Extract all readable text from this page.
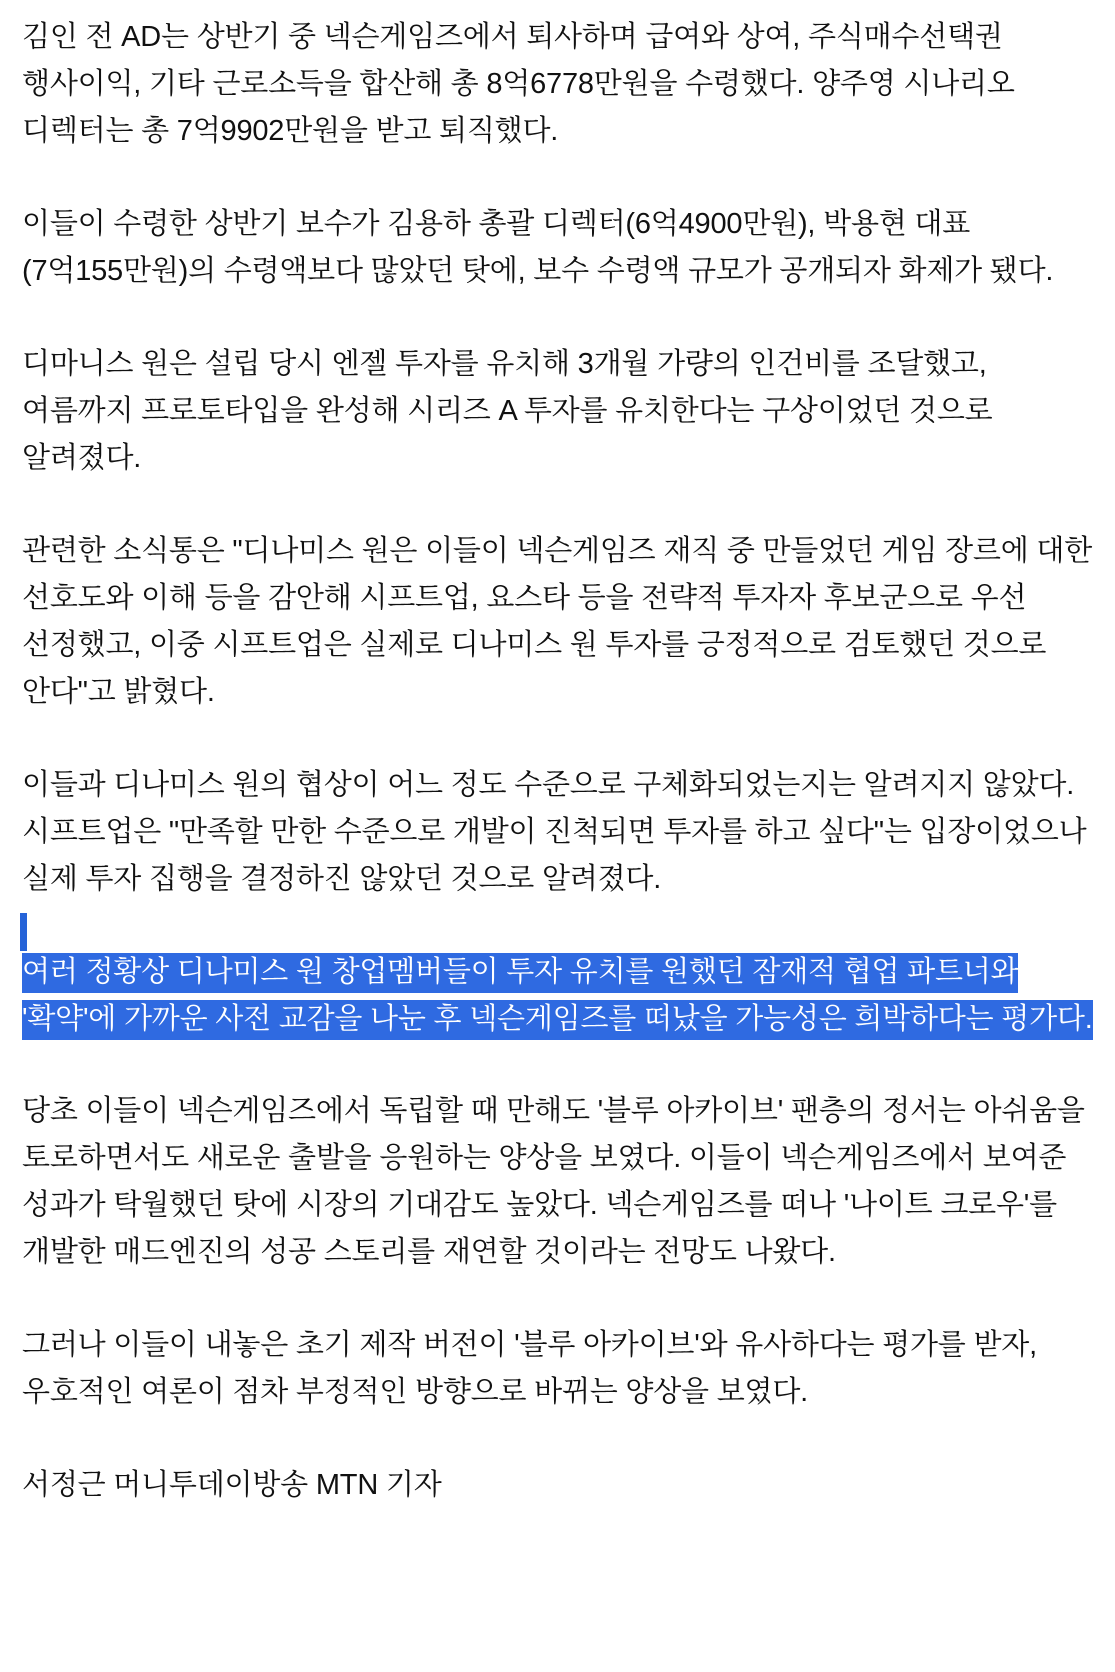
김인 전 AD는 상반기 중 넥슨게임즈에서 퇴사하며 급여와 상여, 주식매수선택권 행사이익, 기타 근로소득을 합산해 총 8억6778만원을 수령했다. 양주영 시나리오 디렉터는 총 7억9902만원을 받고 퇴직했다.

이들이 수령한 상반기 보수가 김용하 총괄 디렉터(6억4900만원), 박용현 대표(7억155만원)의 수령액보다 많았던 탓에, 보수 수령액 규모가 공개되자 화제가 됐다.

디마니스 원은 설립 당시 엔젤 투자를 유치해 3개월 가량의 인건비를 조달했고, 여름까지 프로토타입을 완성해 시리즈 A 투자를 유치한다는 구상이었던 것으로 알려졌다.

관련한 소식통은 "디나미스 원은 이들이 넥슨게임즈 재직 중 만들었던 게임 장르에 대한 선호도와 이해 등을 감안해 시프트업, 요스타 등을 전략적 투자자 후보군으로 우선 선정했고, 이중 시프트업은 실제로 디나미스 원 투자를 긍정적으로 검토했던 것으로 안다"고 밝혔다.

이들과 디나미스 원의 협상이 어느 정도 수준으로 구체화되었는지는 알려지지 않았다. 시프트업은 "만족할 만한 수준으로 개발이 진척되면 투자를 하고 싶다"는 입장이었으나 실제 투자 집행을 결정하진 않았던 것으로 알려졌다.

여러 정황상 디나미스 원 창업멤버들이 투자 유치를 원했던 잠재적 협업 파트너와 '확약'에 가까운 사전 교감을 나눈 후 넥슨게임즈를 떠났을 가능성은 희박하다는 평가다.

당초 이들이 넥슨게임즈에서 독립할 때 만해도 '블루 아카이브' 팬층의 정서는 아쉬움을 토로하면서도 새로운 출발을 응원하는 양상을 보였다. 이들이 넥슨게임즈에서 보여준 성과가 탁월했던 탓에 시장의 기대감도 높았다. 넥슨게임즈를 떠나 '나이트 크로우'를 개발한 매드엔진의 성공 스토리를 재연할 것이라는 전망도 나왔다.

그러나 이들이 내놓은 초기 제작 버전이 '블루 아카이브'와 유사하다는 평가를 받자, 우호적인 여론이 점차 부정적인 방향으로 바뀌는 양상을 보였다.

서정근 머니투데이방송 MTN 기자
